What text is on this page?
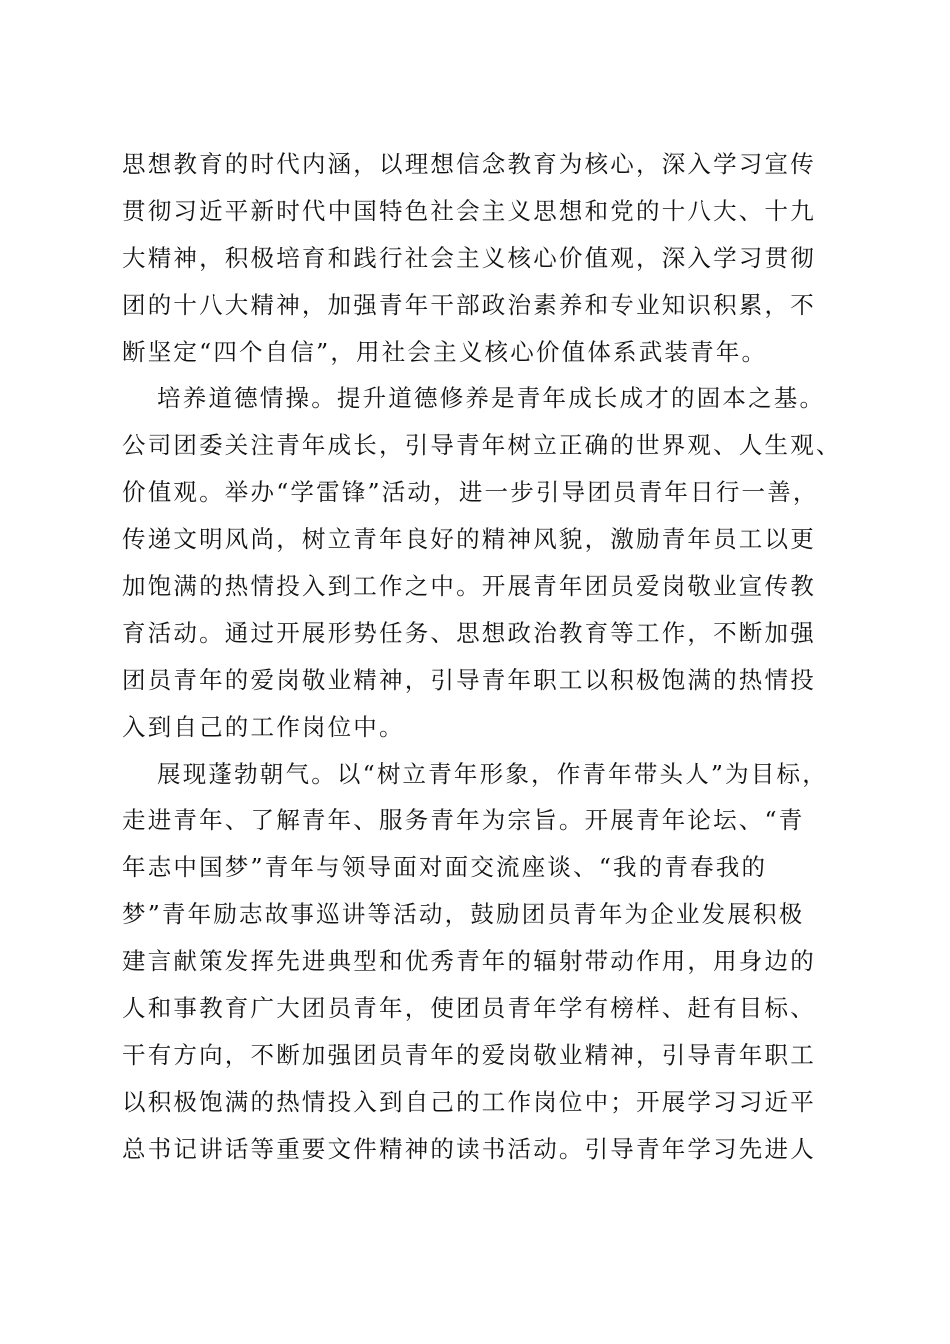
思想教育的时代内涵，以理想信念教育为核心，深入学习宣传
贯彻习近平新时代中国特色社会主义思想和党的十八大、十九
大精神，积极培育和践行社会主义核心价值观，深入学习贯彻
团的十八大精神，加强青年干部政治素养和专业知识积累，不
断坚定“四个自信”，用社会主义核心价值体系武装青年。
培养道德情操。提升道德修养是青年成长成才的固本之基。
公司团委关注青年成长，引导青年树立正确的世界观、人生观、
价值观。举办“学雷锋”活动，进一步引导团员青年日行一善，
传递文明风尚，树立青年良好的精神风貌，激励青年员工以更
加饱满的热情投入到工作之中。开展青年团员爱岗敬业宣传教
育活动。通过开展形势任务、思想政治教育等工作，不断加强
团员青年的爱岗敬业精神，引导青年职工以积极饱满的热情投
入到自己的工作岗位中。
展现蓬勃朝气。以“树立青年形象，作青年带头人”为目标，
走进青年、了解青年、服务青年为宗旨。开展青年论坛、“青
年志中国梦”青年与领导面对面交流座谈、“我的青春我的
梦”青年励志故事巡讲等活动，鼓励团员青年为企业发展积极
建言献策发挥先进典型和优秀青年的辐射带动作用，用身边的
人和事教育广大团员青年，使团员青年学有榜样、赶有目标、
干有方向，不断加强团员青年的爱岗敬业精神，引导青年职工
以积极饱满的热情投入到自己的工作岗位中；开展学习习近平
总书记讲话等重要文件精神的读书活动。引导青年学习先进人
